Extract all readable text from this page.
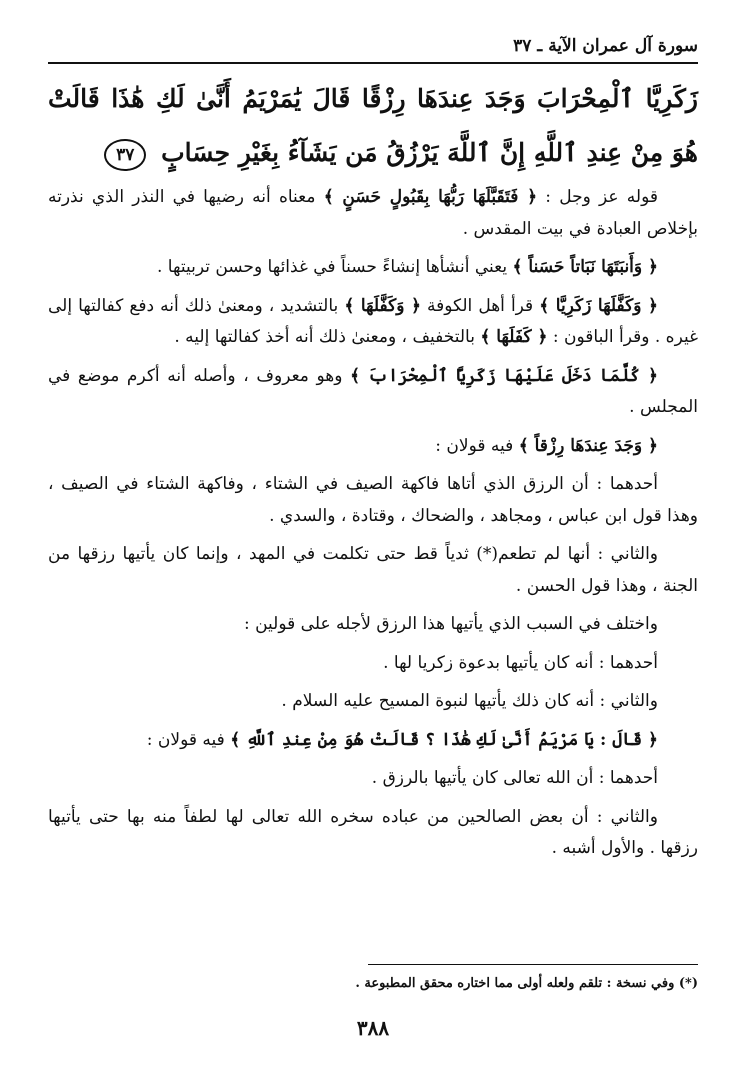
سورة آل عمران الآية ـ ٣٧
زَكَرِيَّا ٱلْمِحْرَابَ وَجَدَ عِندَهَا رِزْقًا قَالَ يَٰمَرْيَمُ أَنَّىٰ لَكِ هَٰذَا قَالَتْ هُوَ مِنْ عِندِ ٱللَّهِ إِنَّ ٱللَّهَ يَرْزُقُ مَن يَشَآءُ بِغَيْرِ حِسَابٍ ٣٧

قوله عز وجل : ﴿ فَتَقَبَّلَهَا رَبُّهَا بِقَبُولٍ حَسَنٍ ﴾ معناه أنه رضيها في النذر الذي نذرته بإخلاص العبادة في بيت المقدس .

﴿ وَأَنبَتَهَا نَبَاتاً حَسَناً ﴾ يعني أنشأها إنشاءً حسناً في غذائها وحسن تربيتها .

﴿ وَكَفَّلَهَا زَكَرِيَّا ﴾ قرأ أهل الكوفة ﴿ وَكَفَّلَهَا ﴾ بالتشديد ، ومعنىٰ ذلك أنه دفع كفالتها إلى غيره . وقرأ الباقون : ﴿ كَفَلَهَا ﴾ بالتخفيف ، ومعنىٰ ذلك أنه أخذ كفالتها إليه .

﴿ كُلَّمَا دَخَلَ عَلَيْهَا زَكَرِيَّا ٱلْمِحْرَابَ ﴾ وهو معروف ، وأصله أنه أكرم موضع في المجلس .

﴿ وَجَدَ عِندَهَا رِزْقاً ﴾ فيه قولان :

أحدهما : أن الرزق الذي أتاها فاكهة الصيف في الشتاء ، وفاكهة الشتاء في الصيف ، وهذا قول ابن عباس ، ومجاهد ، والضحاك ، وقتادة ، والسدي .

والثاني : أنها لم تطعم(*) ثدياً قط حتى تكلمت في المهد ، وإنما كان يأتيها رزقها من الجنة ، وهذا قول الحسن .

واختلف في السبب الذي يأتيها هذا الرزق لأجله على قولين :

أحدهما : أنه كان يأتيها بدعوة زكريا لها .

والثاني : أنه كان ذلك يأتيها لنبوة المسيح عليه السلام .

﴿ قَالَ : يَا مَرْيَمُ أَنَّىٰ لَكِ هَٰذَا ؟ قَالَتْ هُوَ مِنْ عِندِ ٱللَّهِ ﴾ فيه قولان :

أحدهما : أن الله تعالى كان يأتيها بالرزق .

والثاني : أن بعض الصالحين من عباده سخره الله تعالى لها لطفاً منه بها حتى يأتيها رزقها . والأول أشبه .

(*) وفي نسخة : تلقم ولعله أولى مما اختاره محقق المطبوعة .
٣٨٨
